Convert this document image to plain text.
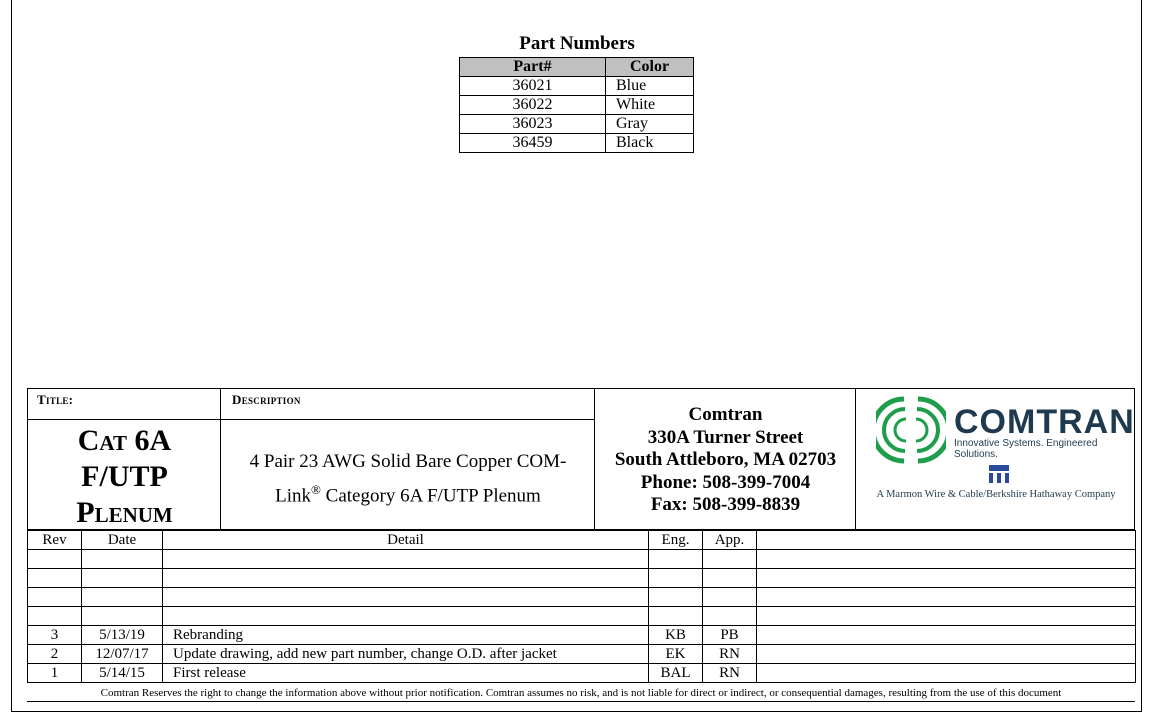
Part Numbers
Part#	Color
36021	Blue
36022	White
36023	Gray
36459	Black
Title:
Cat 6A
F/UTP
Plenum
Description
4 Pair 23 AWG Solid Bare Copper COM-
Link® Category 6A F/UTP Plenum
Comtran
330A Turner Street
South Attleboro, MA 02703
Phone: 508-399-7004
Fax: 508-399-8839
COMTRAN
Innovative Systems. Engineered Solutions.
A Marmon Wire & Cable/Berkshire Hathaway Company
Rev	Date	Detail	Eng.	App.	

3	5/13/19	Rebranding	KB	PB	
2	12/07/17	Update drawing, add new part number, change O.D. after jacket	EK	RN	
1	5/14/15	First release	BAL	RN	
Comtran Reserves the right to change the information above without prior notification. Comtran assumes no risk, and is not liable for direct or indirect, or consequential damages, resulting from the use of this document
